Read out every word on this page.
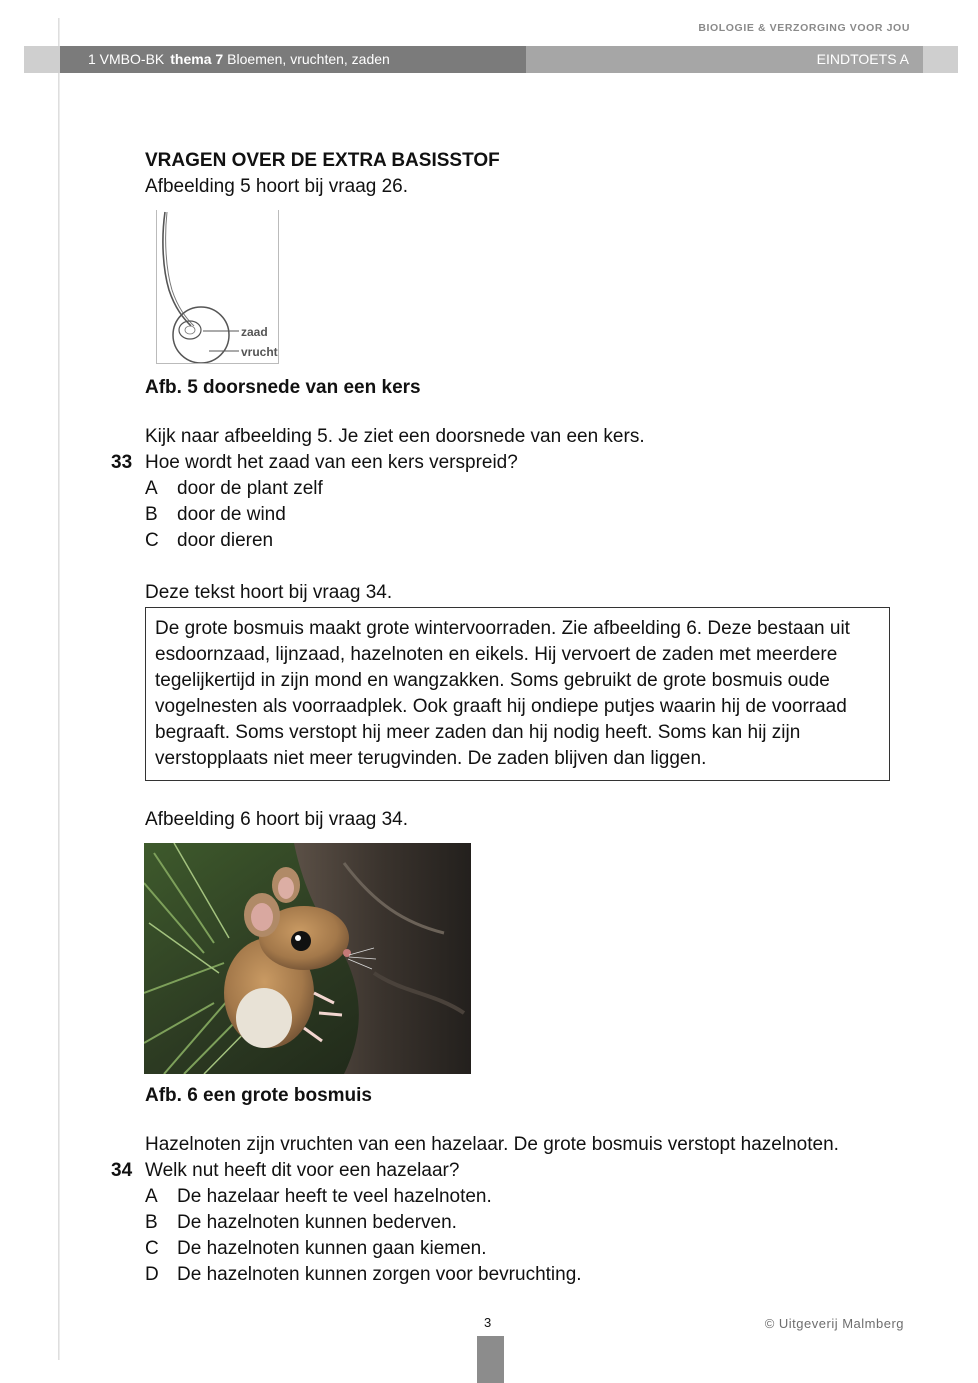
BIOLOGIE & VERZORGING VOOR JOU
1 VMBO-BK thema 7 Bloemen, vruchten, zaden	EINDTOETS A
VRAGEN OVER DE EXTRA BASISSTOF
Afbeelding 5 hoort bij vraag 26.
zaad
vrucht
Afb. 5 doorsnede van een kers
Kijk naar afbeelding 5. Je ziet een doorsnede van een kers.
33 Hoe wordt het zaad van een kers verspreid?
A door de plant zelf
B door de wind
C door dieren
Deze tekst hoort bij vraag 34.
De grote bosmuis maakt grote wintervoorraden. Zie afbeelding 6. Deze bestaan uit
esdoornzaad, lijnzaad, hazelnoten en eikels. Hij vervoert de zaden met meerdere
tegelijkertijd in zijn mond en wangzakken. Soms gebruikt de grote bosmuis oude
vogelnesten als voorraadplek. Ook graaft hij ondiepe putjes waarin hij de voorraad
begraaft. Soms verstopt hij meer zaden dan hij nodig heeft. Soms kan hij zijn
verstopplaats niet meer terugvinden. De zaden blijven dan liggen.
Afbeelding 6 hoort bij vraag 34.
Afb. 6 een grote bosmuis
Hazelnoten zijn vruchten van een hazelaar. De grote bosmuis verstopt hazelnoten.
34 Welk nut heeft dit voor een hazelaar?
A De hazelaar heeft te veel hazelnoten.
B De hazelnoten kunnen bederven.
C De hazelnoten kunnen gaan kiemen.
D De hazelnoten kunnen zorgen voor bevruchting.
3	© Uitgeverij Malmberg
